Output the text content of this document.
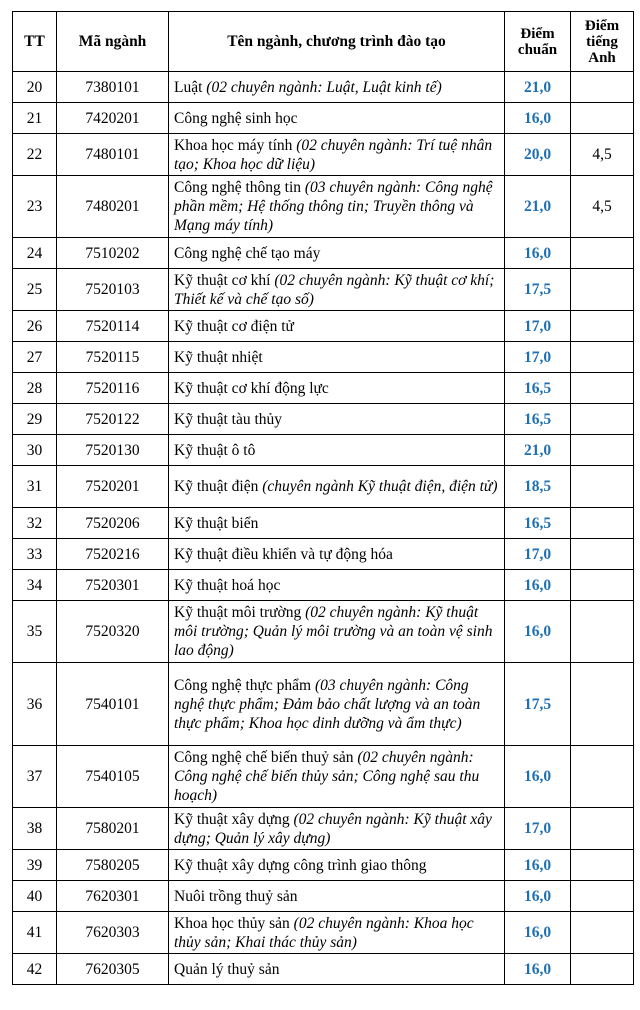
TT	Mã ngành	Tên ngành, chương trình đào tạo	Điểm chuẩn	Điểm tiếng Anh
20	7380101	Luật (02 chuyên ngành: Luật, Luật kinh tế)	21,0	
21	7420201	Công nghệ sinh học	16,0	
22	7480101	Khoa học máy tính (02 chuyên ngành: Trí tuệ nhân tạo; Khoa học dữ liệu)	20,0	4,5
23	7480201	Công nghệ thông tin (03 chuyên ngành: Công nghệ phần mềm; Hệ thống thông tin; Truyền thông và Mạng máy tính)	21,0	4,5
24	7510202	Công nghệ chế tạo máy	16,0	
25	7520103	Kỹ thuật cơ khí (02 chuyên ngành: Kỹ thuật cơ khí; Thiết kế và chế tạo số)	17,5	
26	7520114	Kỹ thuật cơ điện tử	17,0	
27	7520115	Kỹ thuật nhiệt	17,0	
28	7520116	Kỹ thuật cơ khí động lực	16,5	
29	7520122	Kỹ thuật tàu thủy	16,5	
30	7520130	Kỹ thuật ô tô	21,0	
31	7520201	Kỹ thuật điện (chuyên ngành Kỹ thuật điện, điện tử)	18,5	
32	7520206	Kỹ thuật biển	16,5	
33	7520216	Kỹ thuật điều khiển và tự động hóa	17,0	
34	7520301	Kỹ thuật hoá học	16,0	
35	7520320	Kỹ thuật môi trường (02 chuyên ngành: Kỹ thuật môi trường; Quản lý môi trường và an toàn vệ sinh lao động)	16,0	
36	7540101	Công nghệ thực phẩm (03 chuyên ngành: Công nghệ thực phẩm; Đảm bảo chất lượng và an toàn thực phẩm; Khoa học dinh dưỡng và ẩm thực)	17,5	
37	7540105	Công nghệ chế biến thuỷ sản (02 chuyên ngành: Công nghệ chế biến thủy sản; Công nghệ sau thu hoạch)	16,0	
38	7580201	Kỹ thuật xây dựng (02 chuyên ngành: Kỹ thuật xây dựng; Quản lý xây dựng)	17,0	
39	7580205	Kỹ thuật xây dựng công trình giao thông	16,0	
40	7620301	Nuôi trồng thuỷ sản	16,0	
41	7620303	Khoa học thủy sản (02 chuyên ngành: Khoa học thủy sản; Khai thác thủy sản)	16,0	
42	7620305	Quản lý thuỷ sản	16,0	
